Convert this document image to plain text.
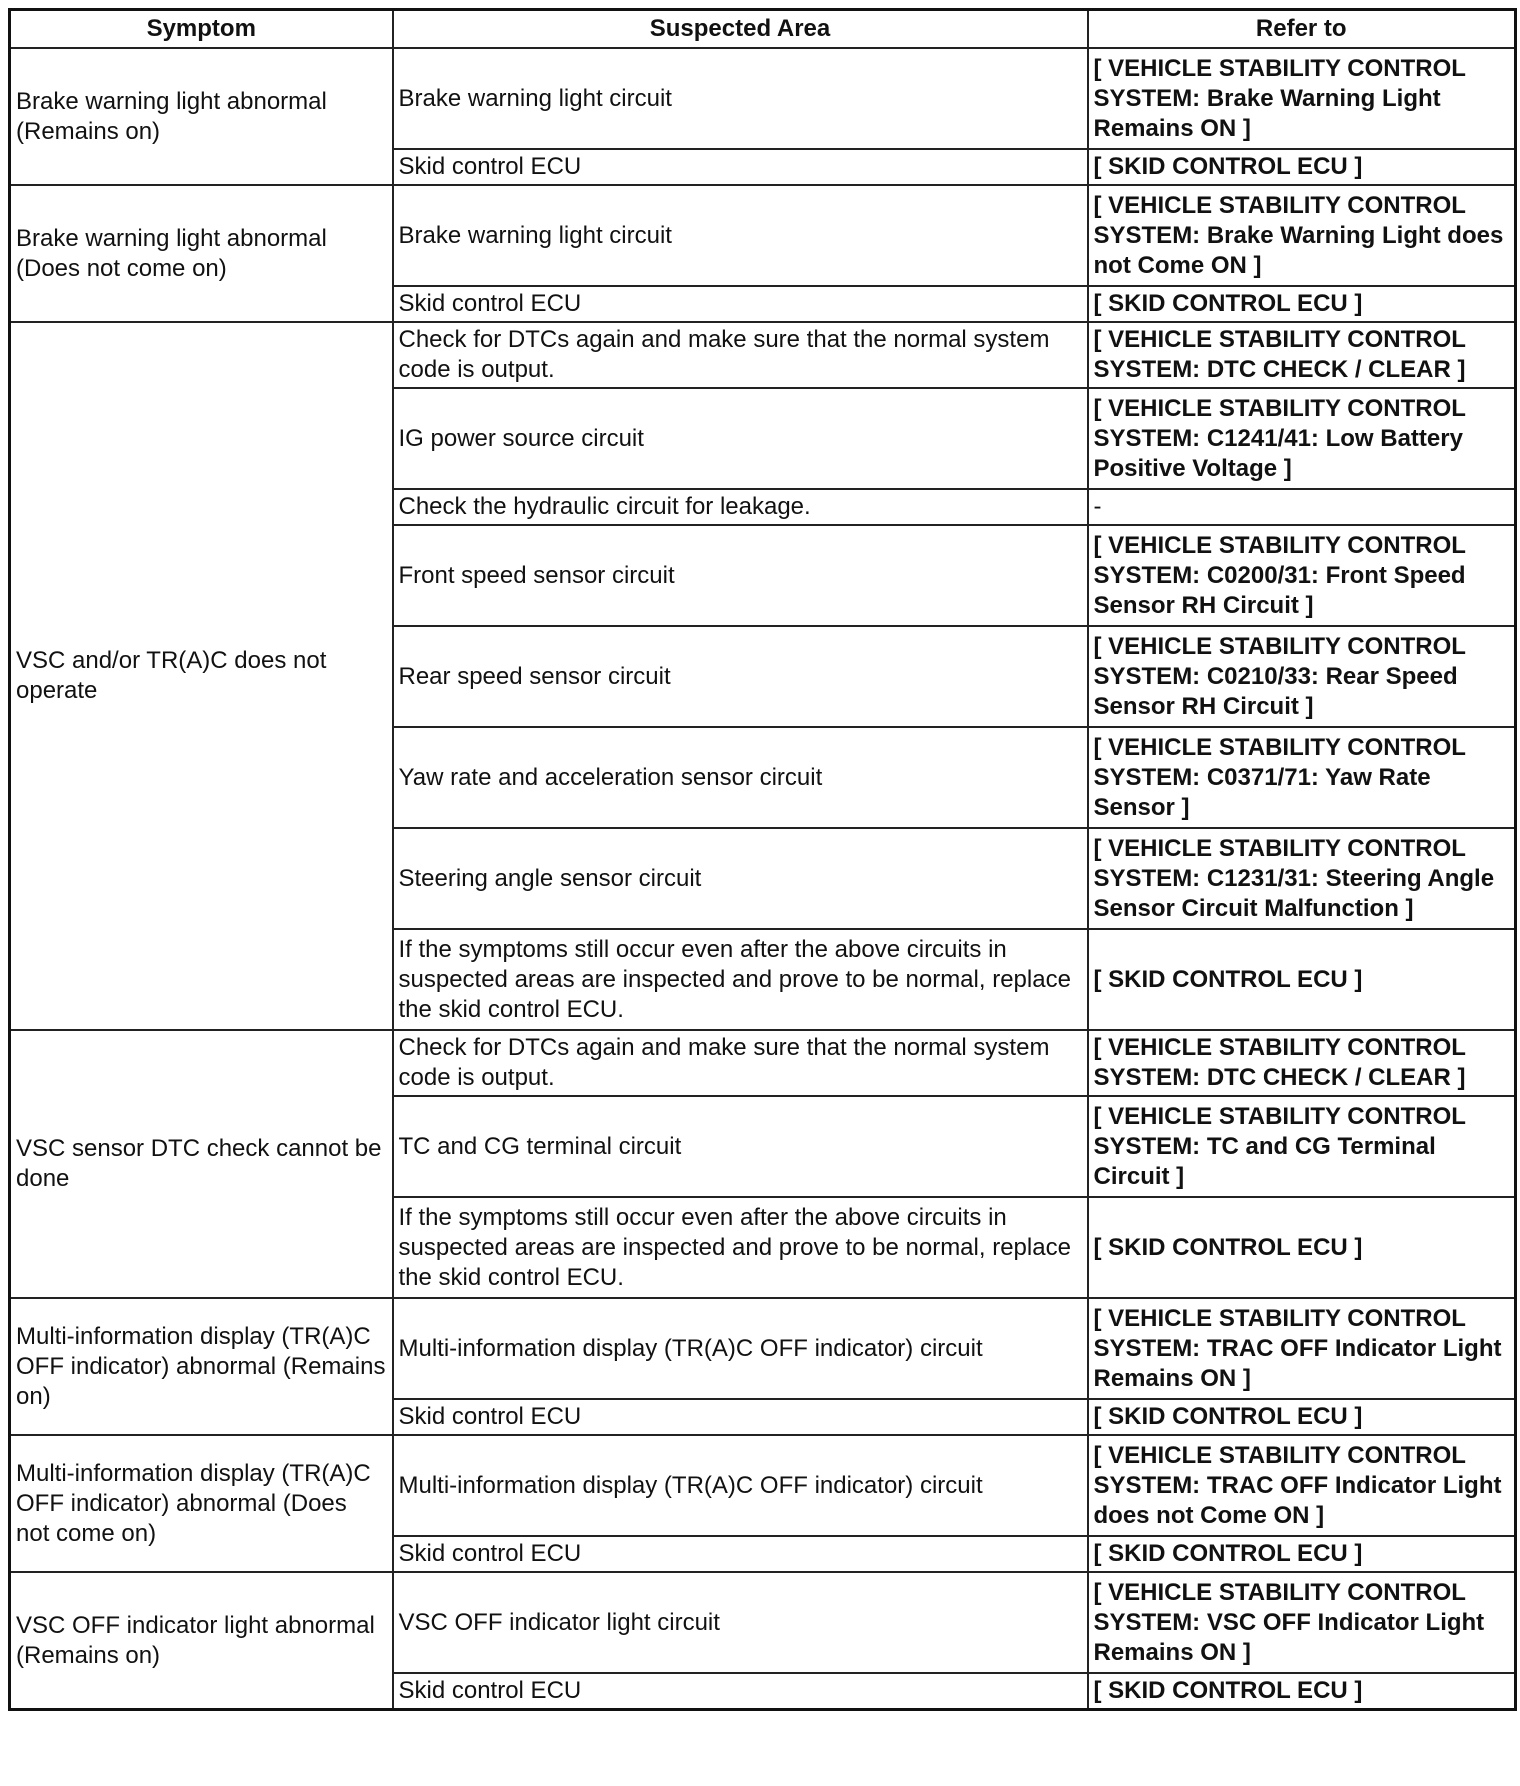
Symptom	Suspected Area	Refer to
Brake warning light abnormal (Remains on)	Brake warning light circuit	[ VEHICLE STABILITY CONTROL SYSTEM: Brake Warning Light Remains ON ]
	Skid control ECU	[ SKID CONTROL ECU ]
Brake warning light abnormal (Does not come on)	Brake warning light circuit	[ VEHICLE STABILITY CONTROL SYSTEM: Brake Warning Light does not Come ON ]
	Skid control ECU	[ SKID CONTROL ECU ]
VSC and/or TR(A)C does not operate	Check for DTCs again and make sure that the normal system code is output.	[ VEHICLE STABILITY CONTROL SYSTEM: DTC CHECK / CLEAR ]
	IG power source circuit	[ VEHICLE STABILITY CONTROL SYSTEM: C1241/41: Low Battery Positive Voltage ]
	Check the hydraulic circuit for leakage.	-
	Front speed sensor circuit	[ VEHICLE STABILITY CONTROL SYSTEM: C0200/31: Front Speed Sensor RH Circuit ]
	Rear speed sensor circuit	[ VEHICLE STABILITY CONTROL SYSTEM: C0210/33: Rear Speed Sensor RH Circuit ]
	Yaw rate and acceleration sensor circuit	[ VEHICLE STABILITY CONTROL SYSTEM: C0371/71: Yaw Rate Sensor ]
	Steering angle sensor circuit	[ VEHICLE STABILITY CONTROL SYSTEM: C1231/31: Steering Angle Sensor Circuit Malfunction ]
	If the symptoms still occur even after the above circuits in suspected areas are inspected and prove to be normal, replace the skid control ECU.	[ SKID CONTROL ECU ]
VSC sensor DTC check cannot be done	Check for DTCs again and make sure that the normal system code is output.	[ VEHICLE STABILITY CONTROL SYSTEM: DTC CHECK / CLEAR ]
	TC and CG terminal circuit	[ VEHICLE STABILITY CONTROL SYSTEM: TC and CG Terminal Circuit ]
	If the symptoms still occur even after the above circuits in suspected areas are inspected and prove to be normal, replace the skid control ECU.	[ SKID CONTROL ECU ]
Multi-information display (TR(A)C OFF indicator) abnormal (Remains on)	Multi-information display (TR(A)C OFF indicator) circuit	[ VEHICLE STABILITY CONTROL SYSTEM: TRAC OFF Indicator Light Remains ON ]
	Skid control ECU	[ SKID CONTROL ECU ]
Multi-information display (TR(A)C OFF indicator) abnormal (Does not come on)	Multi-information display (TR(A)C OFF indicator) circuit	[ VEHICLE STABILITY CONTROL SYSTEM: TRAC OFF Indicator Light does not Come ON ]
	Skid control ECU	[ SKID CONTROL ECU ]
VSC OFF indicator light abnormal (Remains on)	VSC OFF indicator light circuit	[ VEHICLE STABILITY CONTROL SYSTEM: VSC OFF Indicator Light Remains ON ]
	Skid control ECU	[ SKID CONTROL ECU ]
